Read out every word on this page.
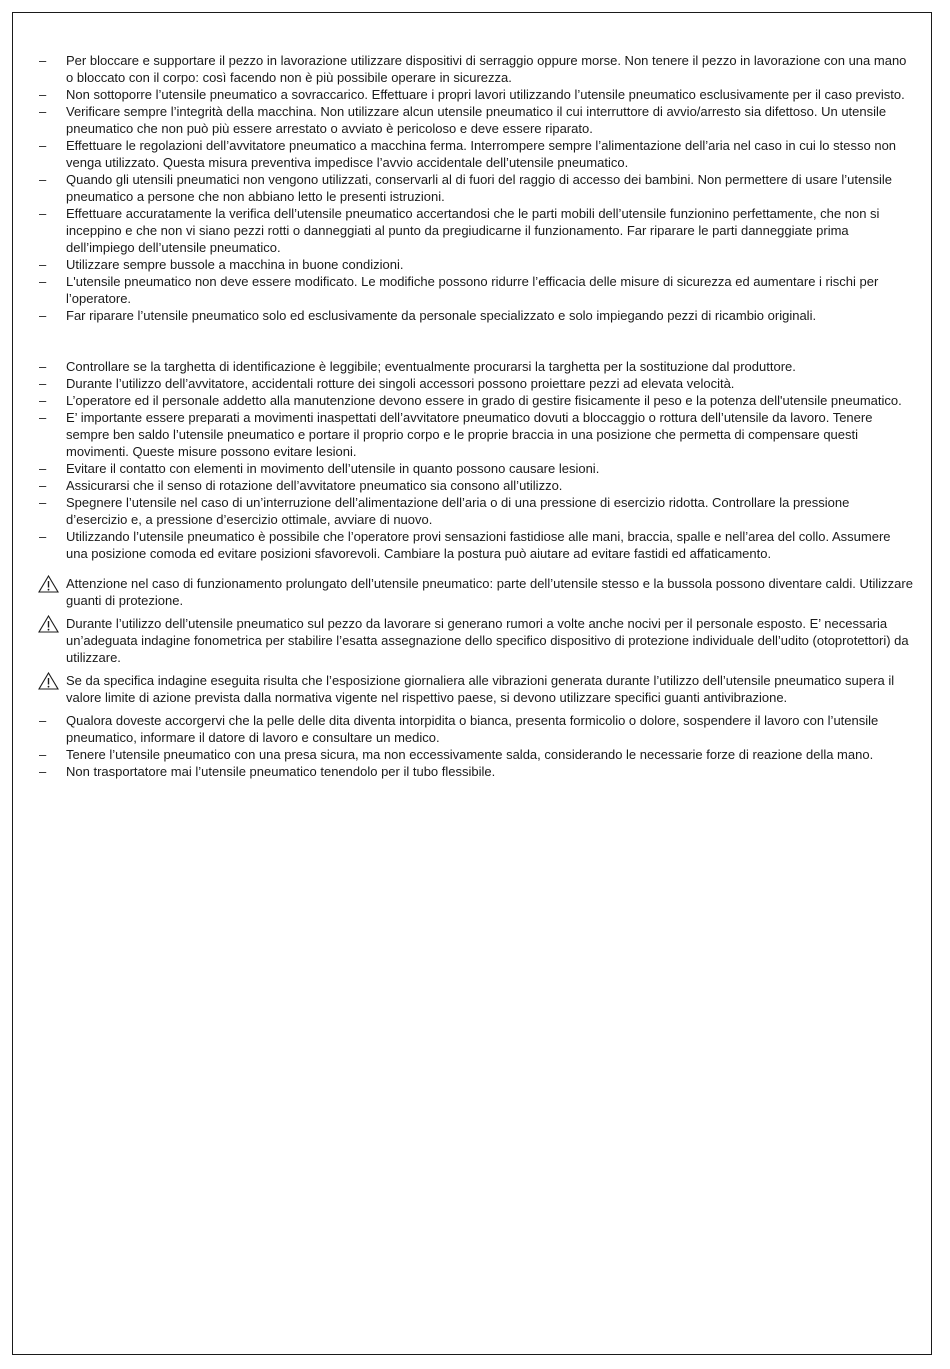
– Per bloccare e supportare il pezzo in lavorazione utilizzare dispositivi di serraggio oppure morse. Non tenere il pezzo in lavorazione con una mano o bloccato con il corpo: così facendo non è più possibile operare in sicurezza.
– Non sottoporre l’utensile pneumatico a sovraccarico. Effettuare i propri lavori utilizzando l’utensile pneumatico esclusivamente per il caso previsto.
– Verificare sempre l’integrità della macchina. Non utilizzare alcun utensile pneumatico il cui interruttore di avvio/arresto sia difettoso. Un utensile pneumatico che non può più essere arrestato o avviato è pericoloso e deve essere riparato.
– Effettuare le regolazioni dell’avvitatore pneumatico a macchina ferma. Interrompere sempre l’alimentazione dell’aria nel caso in cui lo stesso non venga utilizzato. Questa misura preventiva impedisce l’avvio accidentale dell’utensile pneumatico.
– Quando gli utensili pneumatici non vengono utilizzati, conservarli al di fuori del raggio di accesso dei bambini. Non permettere di usare l’utensile pneumatico a persone che non abbiano letto le presenti istruzioni.
– Effettuare accuratamente la verifica dell’utensile pneumatico accertandosi che le parti mobili dell’utensile funzionino perfettamente, che non si inceppino e che non vi siano pezzi rotti o danneggiati al punto da pregiudicarne il funzionamento. Far riparare le parti danneggiate prima dell’impiego dell’utensile pneumatico.
– Utilizzare sempre bussole a macchina in buone condizioni.
– L'utensile pneumatico non deve essere modificato. Le modifiche possono ridurre l’efficacia delle misure di sicurezza ed aumentare i rischi per l’operatore.
– Far riparare l’utensile pneumatico solo ed esclusivamente da personale specializzato e solo impiegando pezzi di ricambio originali.
– Controllare se la targhetta di identificazione è leggibile; eventualmente procurarsi la targhetta per la sostituzione dal produttore.
– Durante l’utilizzo dell’avvitatore, accidentali rotture dei singoli accessori possono proiettare pezzi ad elevata velocità.
– L’operatore ed il personale addetto alla manutenzione devono essere in grado di gestire fisicamente il peso e la potenza dell'utensile pneumatico.
– E’ importante essere preparati a movimenti inaspettati dell’avvitatore pneumatico dovuti a bloccaggio o rottura dell’utensile da lavoro. Tenere sempre ben saldo l’utensile pneumatico e portare il proprio corpo e le proprie braccia in una posizione che permetta di compensare questi movimenti. Queste misure possono evitare lesioni.
– Evitare il contatto con elementi in movimento dell’utensile in quanto possono causare lesioni.
– Assicurarsi che il senso di rotazione dell’avvitatore pneumatico sia consono all’utilizzo.
– Spegnere l’utensile nel caso di un’interruzione dell’alimentazione dell’aria o di una pressione di esercizio ridotta. Controllare la pressione d’esercizio e, a pressione d’esercizio ottimale, avviare di nuovo.
– Utilizzando l’utensile pneumatico è possibile che l’operatore provi sensazioni fastidiose alle mani, braccia, spalle e nell’area del collo. Assumere una posizione comoda ed evitare posizioni sfavorevoli. Cambiare la postura può aiutare ad evitare fastidi ed affaticamento.
Attenzione nel caso di funzionamento prolungato dell’utensile pneumatico: parte dell’utensile stesso e la bussola possono diventare caldi. Utilizzare guanti di protezione.
Durante l’utilizzo dell’utensile pneumatico sul pezzo da lavorare si generano rumori a volte anche nocivi per il personale esposto. E’ necessaria un’adeguata indagine fonometrica per stabilire l’esatta assegnazione dello specifico dispositivo di protezione individuale dell’udito (otoprotettori) da utilizzare.
Se da specifica indagine eseguita risulta che l’esposizione giornaliera alle vibrazioni generata durante l’utilizzo dell’utensile pneumatico supera il valore limite di azione prevista dalla normativa vigente nel rispettivo paese, si devono utilizzare specifici guanti antivibrazione.
– Qualora doveste accorgervi che la pelle delle dita diventa intorpidita o bianca, presenta formicolio o dolore, sospendere il lavoro con l’utensile pneumatico, informare il datore di lavoro e consultare un medico.
– Tenere l’utensile pneumatico con una presa sicura, ma non eccessivamente salda, considerando le necessarie forze di reazione della mano.
– Non trasportatore mai l’utensile pneumatico tenendolo per il tubo flessibile.
